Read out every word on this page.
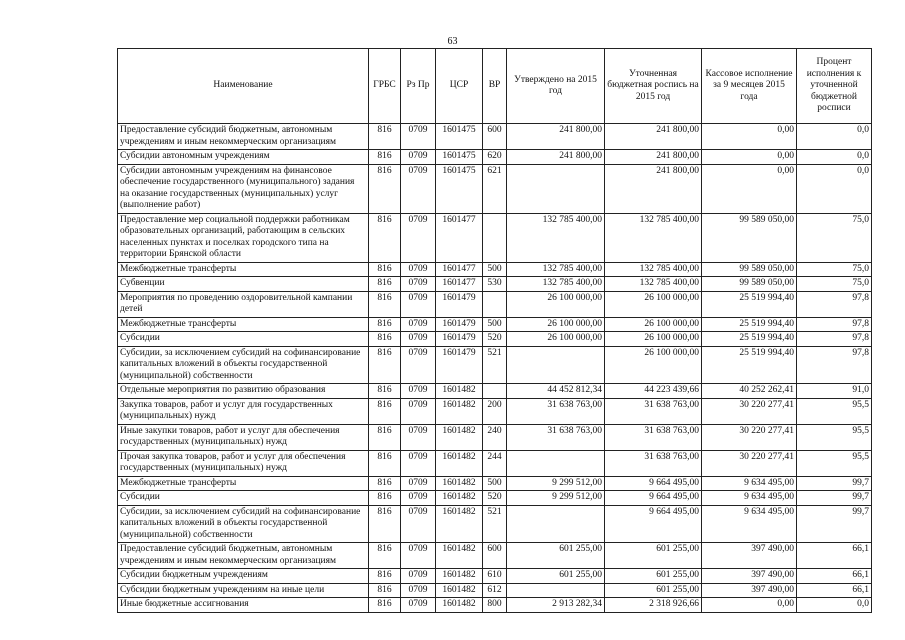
63
Наименование	ГРБС	Рз Пр	ЦСР	ВР	Утверждено на 2015 год	Уточненная бюджетная роспись на 2015 год	Кассовое исполнение за 9 месяцев 2015 года	Процент исполнения к уточненной бюджетной росписи
Предоставление субсидий бюджетным, автономным учреждениям и иным некоммерческим организациям	816	0709	1601475	600	241 800,00	241 800,00	0,00	0,0
Субсидии автономным учреждениям	816	0709	1601475	620	241 800,00	241 800,00	0,00	0,0
Субсидии автономным учреждениям на финансовое обеспечение государственного (муниципального) задания на оказание государственных (муниципальных) услуг (выполнение работ)	816	0709	1601475	621		241 800,00	0,00	0,0
Предоставление мер социальной поддержки работникам образовательных организаций, работающим в сельских населенных пунктах и поселках городского типа на территории Брянской области	816	0709	1601477		132 785 400,00	132 785 400,00	99 589 050,00	75,0
Межбюджетные трансферты	816	0709	1601477	500	132 785 400,00	132 785 400,00	99 589 050,00	75,0
Субвенции	816	0709	1601477	530	132 785 400,00	132 785 400,00	99 589 050,00	75,0
Мероприятия по проведению оздоровительной кампании детей	816	0709	1601479		26 100 000,00	26 100 000,00	25 519 994,40	97,8
Межбюджетные трансферты	816	0709	1601479	500	26 100 000,00	26 100 000,00	25 519 994,40	97,8
Субсидии	816	0709	1601479	520	26 100 000,00	26 100 000,00	25 519 994,40	97,8
Субсидии, за исключением субсидий на софинансирование капитальных вложений в объекты государственной (муниципальной) собственности	816	0709	1601479	521		26 100 000,00	25 519 994,40	97,8
Отдельные мероприятия по развитию образования	816	0709	1601482		44 452 812,34	44 223 439,66	40 252 262,41	91,0
Закупка товаров, работ и услуг для государственных (муниципальных) нужд	816	0709	1601482	200	31 638 763,00	31 638 763,00	30 220 277,41	95,5
Иные закупки товаров, работ и услуг для обеспечения государственных (муниципальных) нужд	816	0709	1601482	240	31 638 763,00	31 638 763,00	30 220 277,41	95,5
Прочая закупка товаров, работ и услуг для обеспечения государственных (муниципальных) нужд	816	0709	1601482	244		31 638 763,00	30 220 277,41	95,5
Межбюджетные трансферты	816	0709	1601482	500	9 299 512,00	9 664 495,00	9 634 495,00	99,7
Субсидии	816	0709	1601482	520	9 299 512,00	9 664 495,00	9 634 495,00	99,7
Субсидии, за исключением субсидий на софинансирование капитальных вложений в объекты государственной (муниципальной) собственности	816	0709	1601482	521		9 664 495,00	9 634 495,00	99,7
Предоставление субсидий бюджетным, автономным учреждениям и иным некоммерческим организациям	816	0709	1601482	600	601 255,00	601 255,00	397 490,00	66,1
Субсидии бюджетным учреждениям	816	0709	1601482	610	601 255,00	601 255,00	397 490,00	66,1
Субсидии бюджетным учреждениям на иные цели	816	0709	1601482	612		601 255,00	397 490,00	66,1
Иные бюджетные ассигнования	816	0709	1601482	800	2 913 282,34	2 318 926,66	0,00	0,0
